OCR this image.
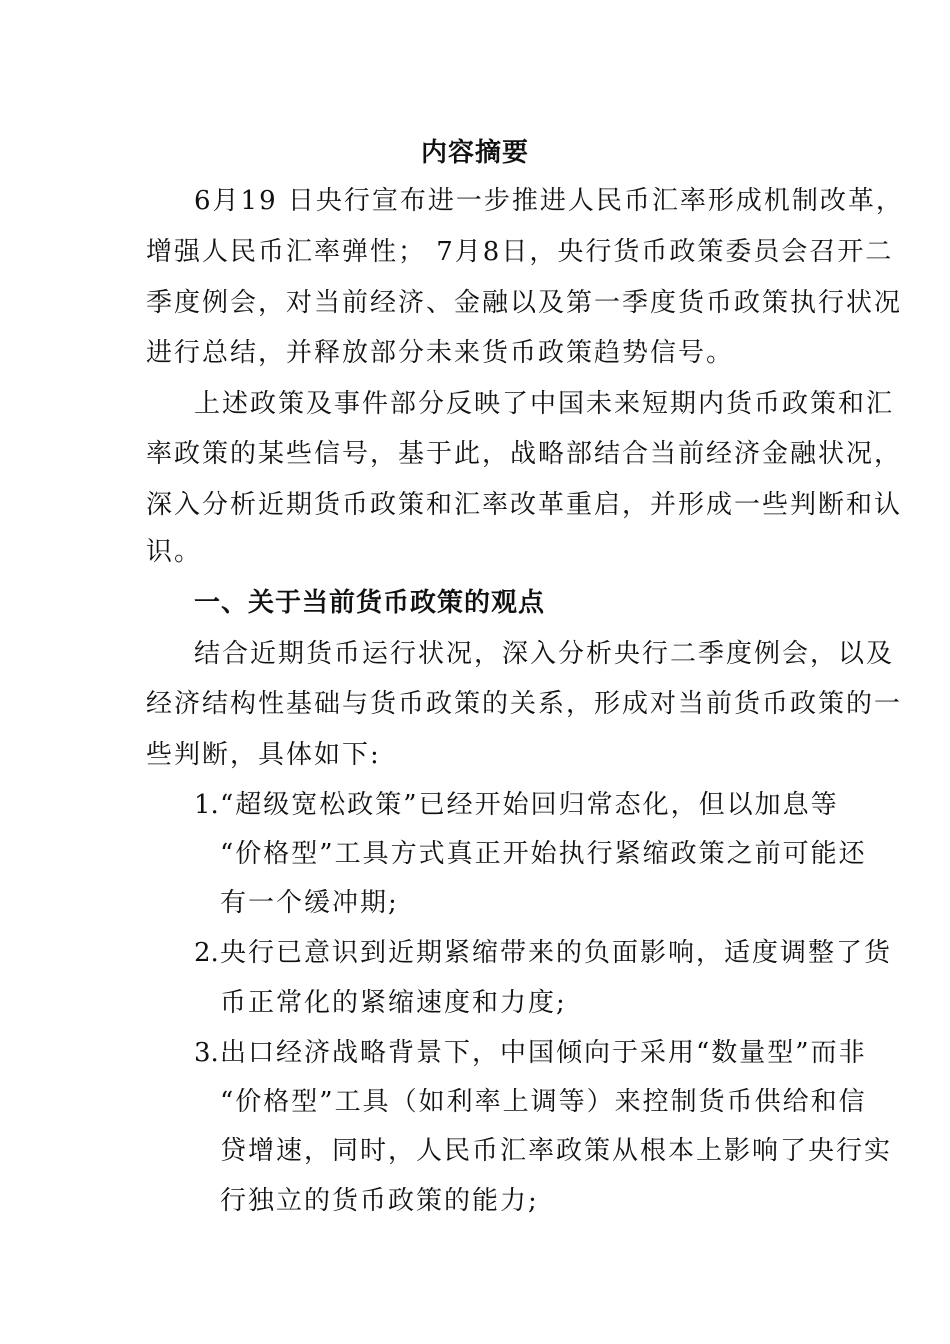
内容摘要
6月19 日央行宣布进一步推进人民币汇率形成机制改革，
增强人民币汇率弹性； 7月8日，央行货币政策委员会召开二
季度例会，对当前经济、金融以及第一季度货币政策执行状况
进行总结，并释放部分未来货币政策趋势信号。
上述政策及事件部分反映了中国未来短期内货币政策和汇
率政策的某些信号，基于此，战略部结合当前经济金融状况，
深入分析近期货币政策和汇率改革重启，并形成一些判断和认
识。
一、关于当前货币政策的观点
结合近期货币运行状况，深入分析央行二季度例会，以及
经济结构性基础与货币政策的关系，形成对当前货币政策的一
些判断，具体如下:
1. “超级宽松政策”已经开始回归常态化，但以加息等
“价格型”工具方式真正开始执行紧缩政策之前可能还
有一个缓冲期;
2. 央行已意识到近期紧缩带来的负面影响，适度调整了货
币正常化的紧缩速度和力度;
3. 出口经济战略背景下，中国倾向于采用“数量型”而非
“价格型”工具（如利率上调等）来控制货币供给和信
贷增速，同时，人民币汇率政策从根本上影响了央行实
行独立的货币政策的能力;
